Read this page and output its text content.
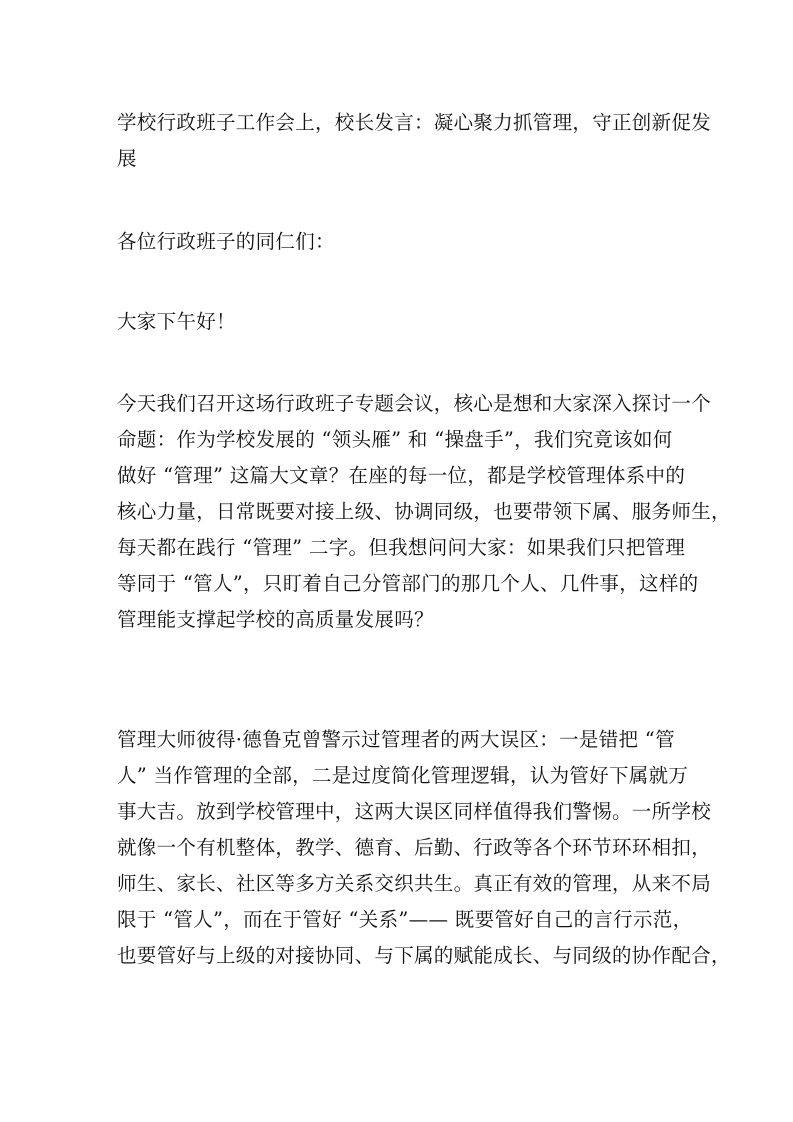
学校行政班子工作会上，校长发言：凝心聚力抓管理，守正创新促发
展
各位行政班子的同仁们：
大家下午好！
今天我们召开这场行政班子专题会议，核心是想和大家深入探讨一个
命题：作为学校发展的 “领头雁” 和 “操盘手”，我们究竟该如何
做好 “管理” 这篇大文章？在座的每一位，都是学校管理体系中的
核心力量，日常既要对接上级、协调同级，也要带领下属、服务师生，
每天都在践行 “管理” 二字。但我想问问大家：如果我们只把管理
等同于 “管人”，只盯着自己分管部门的那几个人、几件事，这样的
管理能支撑起学校的高质量发展吗？
管理大师彼得·德鲁克曾警示过管理者的两大误区：一是错把 “管
人” 当作管理的全部，二是过度简化管理逻辑，认为管好下属就万
事大吉。放到学校管理中，这两大误区同样值得我们警惕。一所学校
就像一个有机整体，教学、德育、后勤、行政等各个环节环环相扣，
师生、家长、社区等多方关系交织共生。真正有效的管理，从来不局
限于 “管人”，而在于管好 “关系”—— 既要管好自己的言行示范，
也要管好与上级的对接协同、与下属的赋能成长、与同级的协作配合，
